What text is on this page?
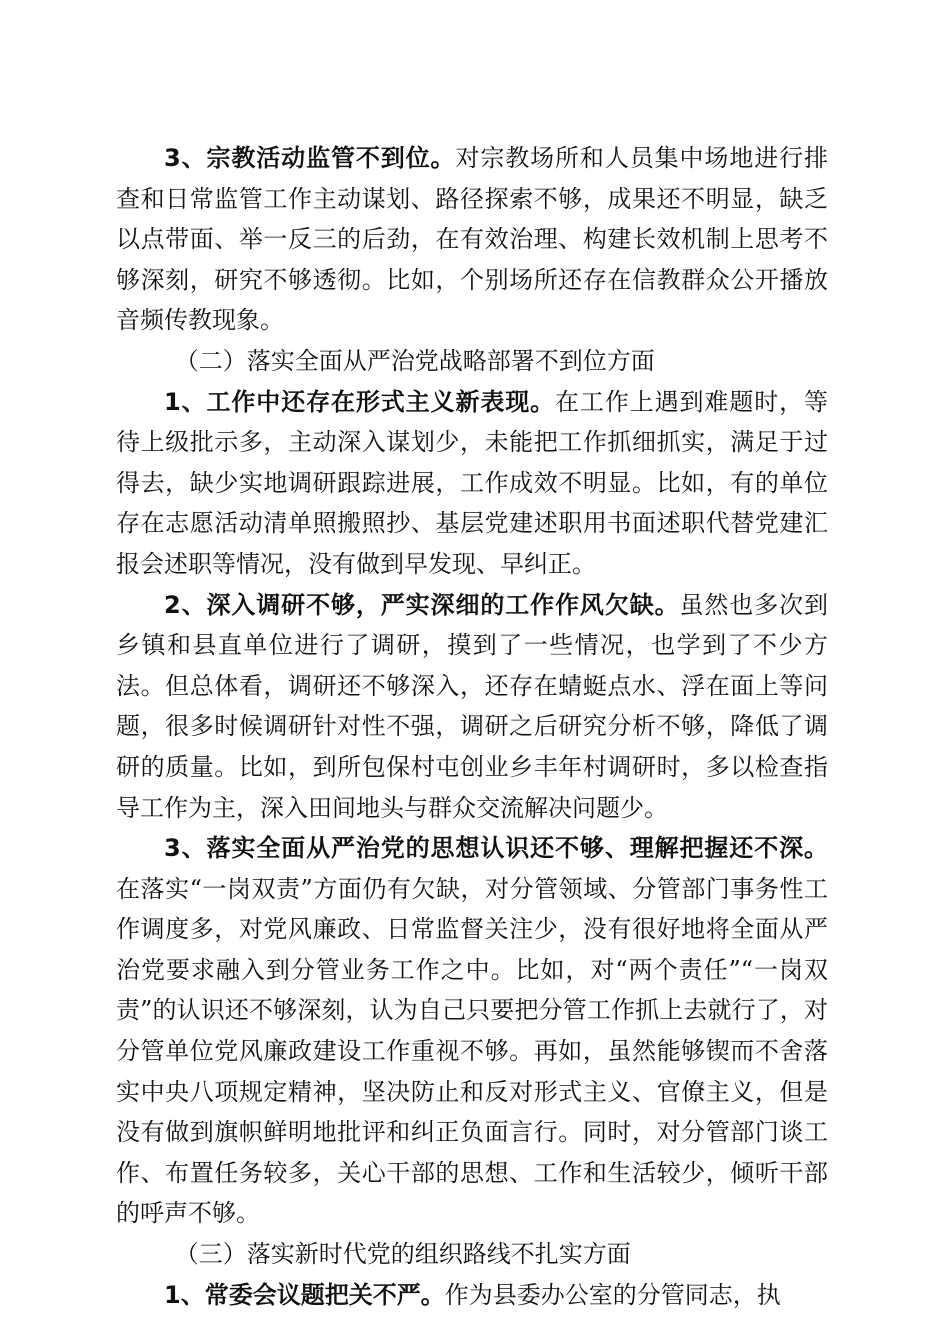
3、宗教活动监管不到位。对宗教场所和人员集中场地进行排查和日常监管工作主动谋划、路径探索不够，成果还不明显，缺乏以点带面、举一反三的后劲，在有效治理、构建长效机制上思考不够深刻，研究不够透彻。比如，个别场所还存在信教群众公开播放音频传教现象。

（二）落实全面从严治党战略部署不到位方面

1、工作中还存在形式主义新表现。在工作上遇到难题时，等待上级批示多，主动深入谋划少，未能把工作抓细抓实，满足于过得去，缺少实地调研跟踪进展，工作成效不明显。比如，有的单位存在志愿活动清单照搬照抄、基层党建述职用书面述职代替党建汇报会述职等情况，没有做到早发现、早纠正。

2、深入调研不够，严实深细的工作作风欠缺。虽然也多次到乡镇和县直单位进行了调研，摸到了一些情况，也学到了不少方法。但总体看，调研还不够深入，还存在蜻蜓点水、浮在面上等问题，很多时候调研针对性不强，调研之后研究分析不够，降低了调研的质量。比如，到所包保村屯创业乡丰年村调研时，多以检查指导工作为主，深入田间地头与群众交流解决问题少。

3、落实全面从严治党的思想认识还不够、理解把握还不深。在落实“一岗双责”方面仍有欠缺，对分管领域、分管部门事务性工作调度多，对党风廉政、日常监督关注少，没有很好地将全面从严治党要求融入到分管业务工作之中。比如，对“两个责任”“一岗双责”的认识还不够深刻，认为自己只要把分管工作抓上去就行了，对分管单位党风廉政建设工作重视不够。再如，虽然能够锲而不舍落实中央八项规定精神，坚决防止和反对形式主义、官僚主义，但是没有做到旗帜鲜明地批评和纠正负面言行。同时，对分管部门谈工作、布置任务较多，关心干部的思想、工作和生活较少，倾听干部的呼声不够。

（三）落实新时代党的组织路线不扎实方面

1、常委会议题把关不严。作为县委办公室的分管同志，执
